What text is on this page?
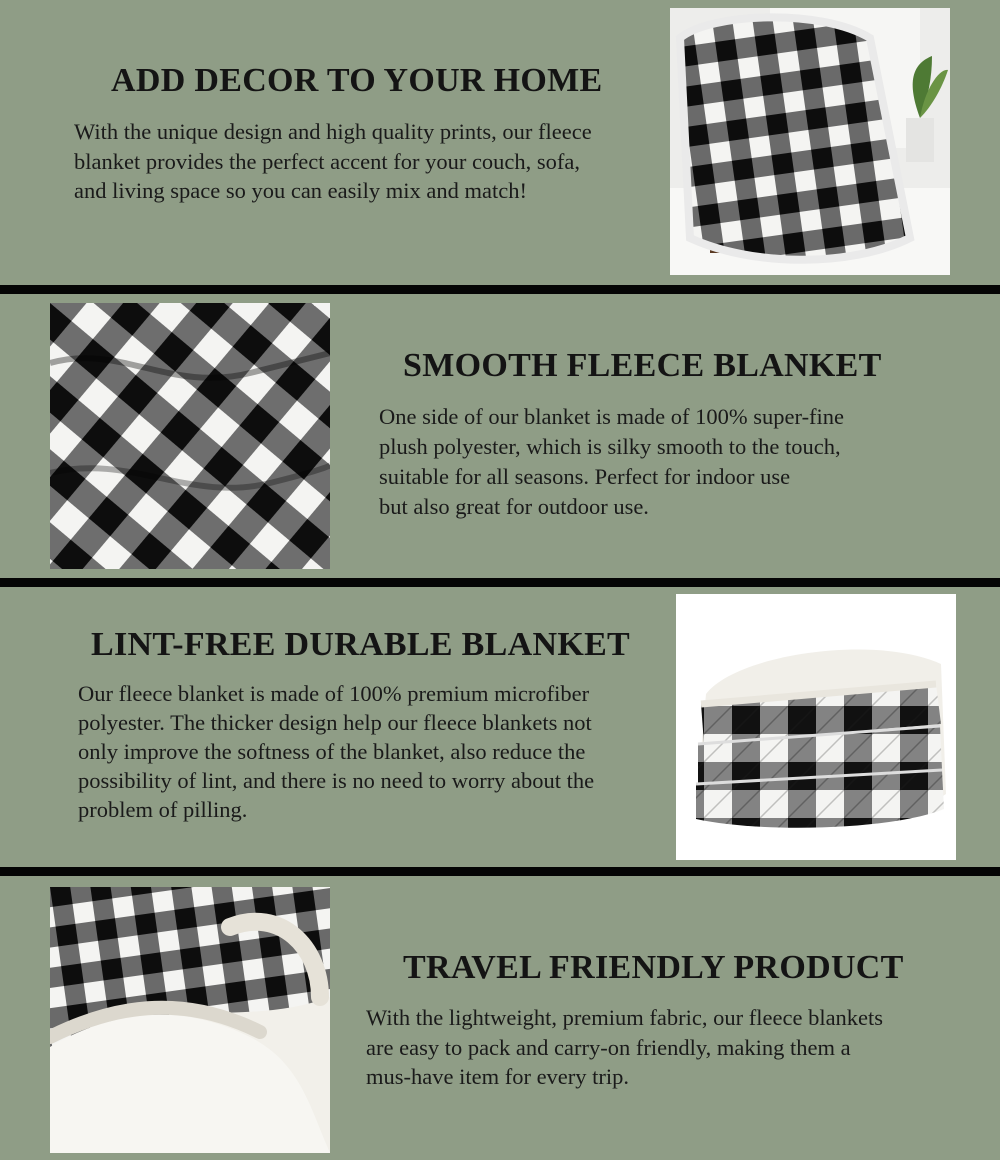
ADD DECOR TO YOUR HOME

With the unique design and high quality prints, our fleece
blanket provides the perfect accent for your couch, sofa,
and living space so you can easily mix and match!

SMOOTH FLEECE BLANKET

One side of our blanket is made of 100% super-fine
plush polyester, which is silky smooth to the touch,
suitable for all seasons. Perfect for indoor use
but also great for outdoor use.

LINT-FREE DURABLE BLANKET

Our fleece blanket is made of 100% premium microfiber
polyester. The thicker design help our fleece blankets not
only improve the softness of the blanket, also reduce the
possibility of lint, and there is no need to worry about the
problem of pilling.

TRAVEL FRIENDLY PRODUCT

With the lightweight, premium fabric, our fleece blankets
are easy to pack and carry-on friendly, making them a
mus-have item for every trip.
